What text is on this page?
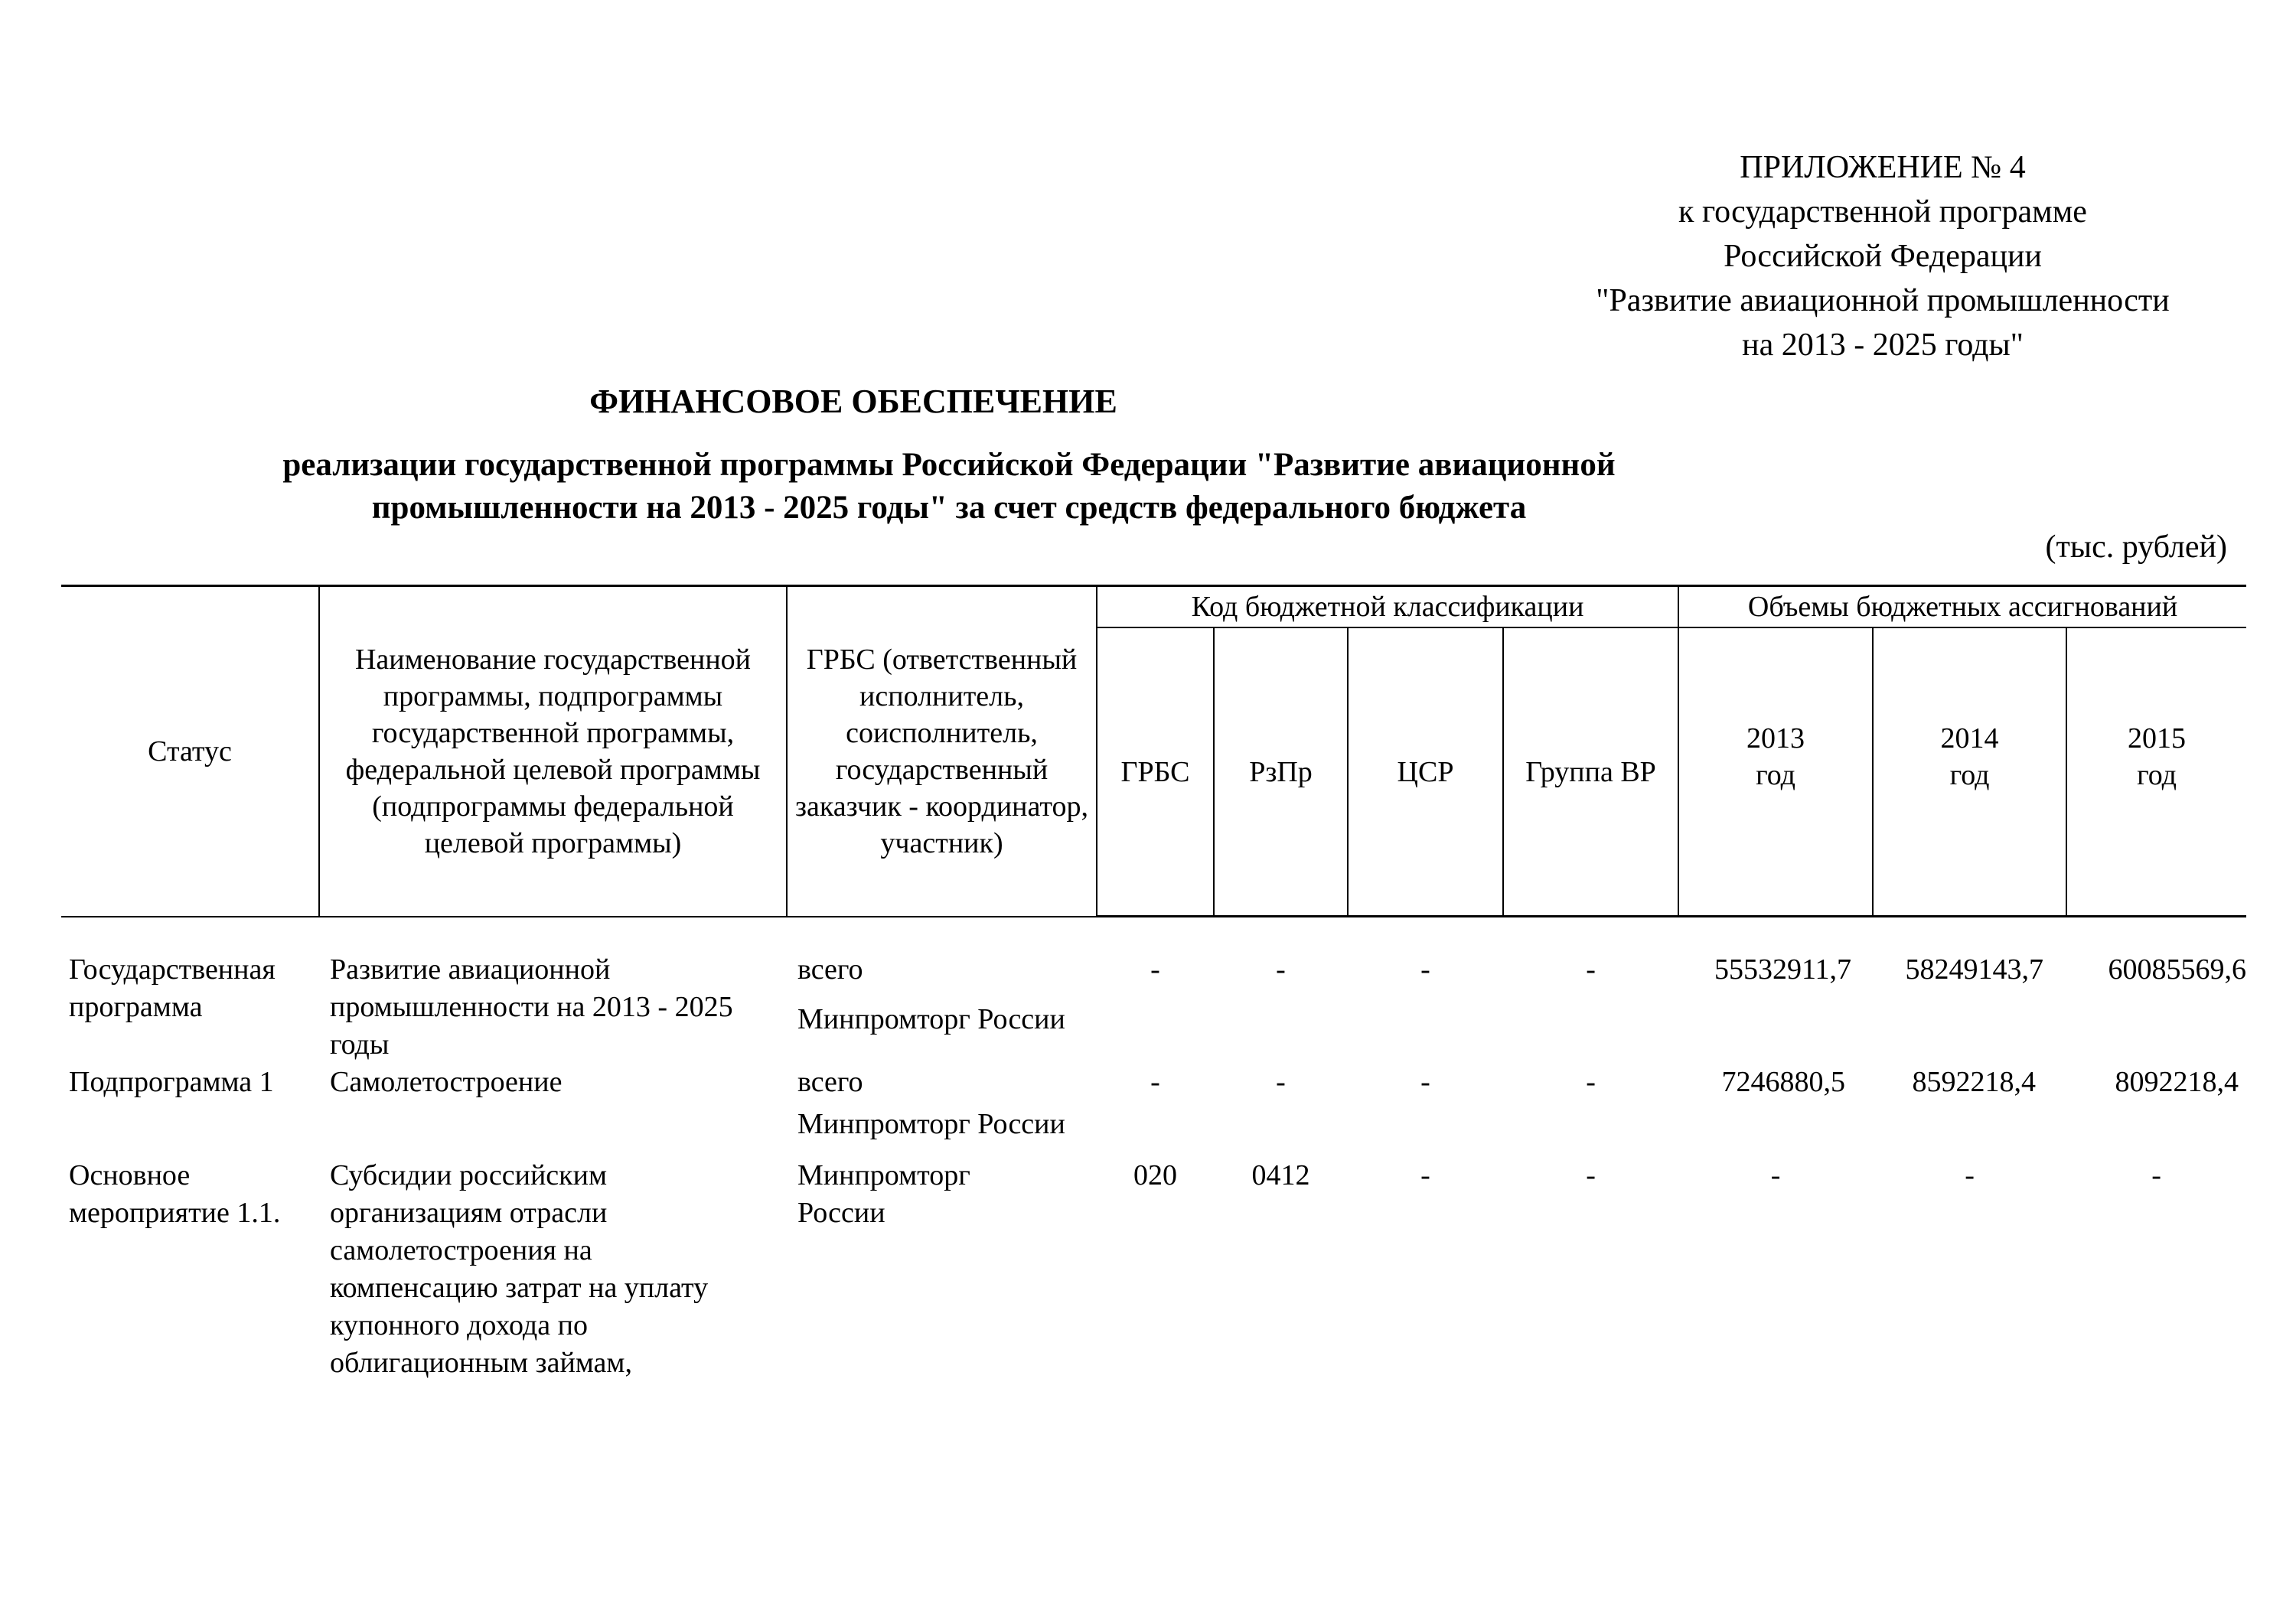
ПРИЛОЖЕНИЕ № 4
к государственной программе
Российской Федерации
"Развитие авиационной промышленности
на 2013 - 2025 годы"
ФИНАНСОВОЕ ОБЕСПЕЧЕНИЕ
реализации государственной программы Российской Федерации "Развитие авиационной
промышленности на 2013 - 2025 годы" за счет средств федерального бюджета
(тыс. рублей)
Статус	Наименование государственной программы, подпрограммы государственной программы, федеральной целевой программы (подпрограммы федеральной целевой программы)	ГРБС (ответственный исполнитель, соисполнитель, государственный заказчик - координатор, участник)	Код бюджетной классификации				Объемы бюджетных ассигнований		
			ГРБС	РзПр	ЦСР	Группа ВР	2013 год	2014 год	2015 год

Государственная программа	Развитие авиационной промышленности на 2013 - 2025 годы	всего	-	-	-	-	55532911,7	58249143,7	60085569,6
		Минпромторг России							
Подпрограмма 1	Самолетостроение	всего	-	-	-	-	7246880,5	8592218,4	8092218,4
		Минпромторг России							
Основное мероприятие 1.1.	Субсидии российским организациям отрасли самолетостроения на компенсацию затрат на уплату купонного дохода по облигационным займам,	Минпромторг России	020	0412	-	-	-	-	-
